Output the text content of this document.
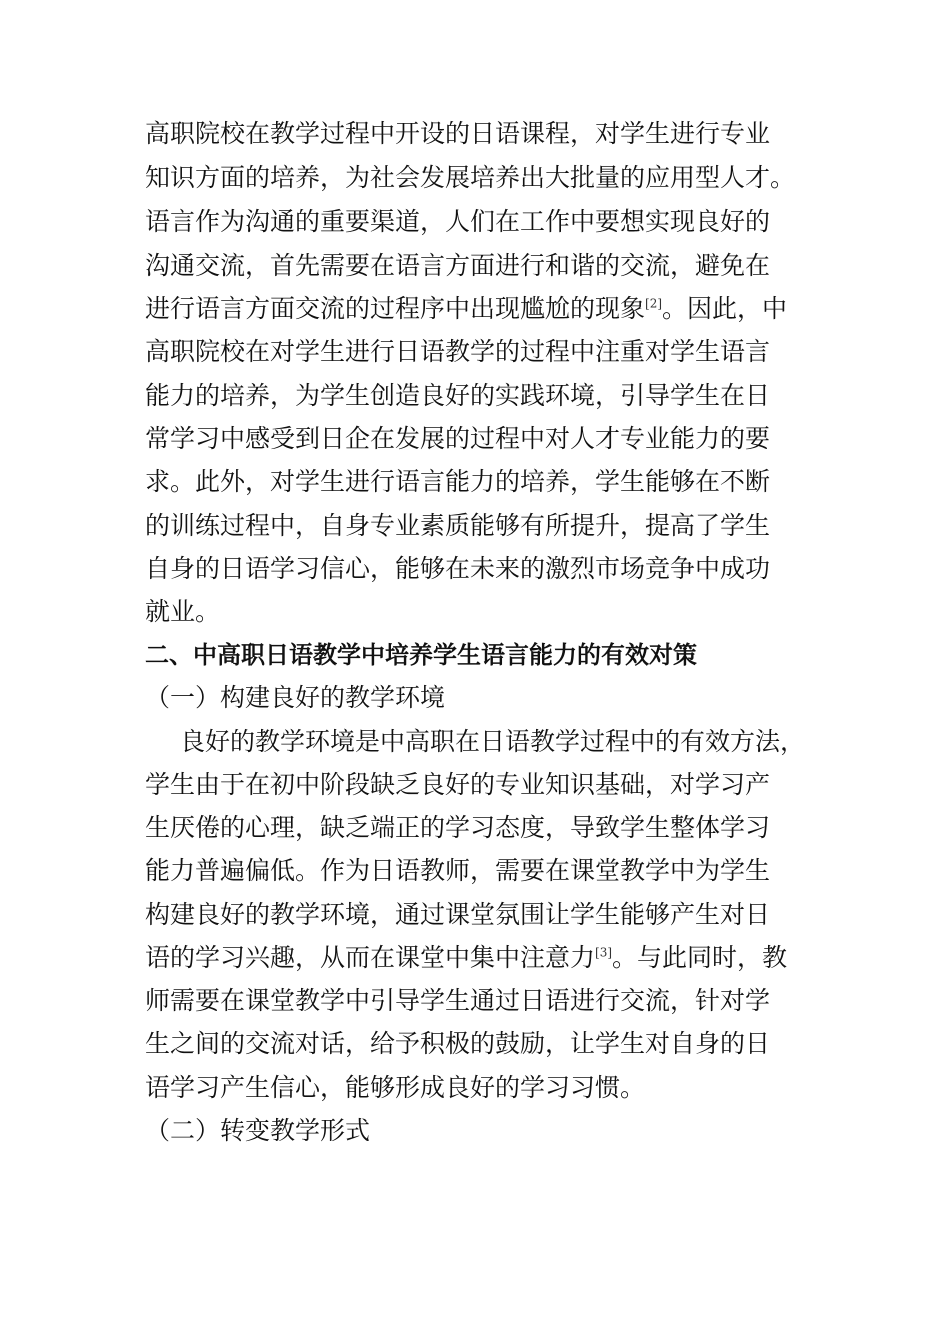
高职院校在教学过程中开设的日语课程，对学生进行专业
知识方面的培养，为社会发展培养出大批量的应用型人才。
语言作为沟通的重要渠道，人们在工作中要想实现良好的
沟通交流，首先需要在语言方面进行和谐的交流，避免在
进行语言方面交流的过程序中出现尴尬的现象[2]。因此，中
高职院校在对学生进行日语教学的过程中注重对学生语言
能力的培养，为学生创造良好的实践环境，引导学生在日
常学习中感受到日企在发展的过程中对人才专业能力的要
求。此外，对学生进行语言能力的培养，学生能够在不断
的训练过程中，自身专业素质能够有所提升，提高了学生
自身的日语学习信心，能够在未来的激烈市场竞争中成功
就业。
二、中高职日语教学中培养学生语言能力的有效对策
（一）构建良好的教学环境
良好的教学环境是中高职在日语教学过程中的有效方法，
学生由于在初中阶段缺乏良好的专业知识基础，对学习产
生厌倦的心理，缺乏端正的学习态度，导致学生整体学习
能力普遍偏低。作为日语教师，需要在课堂教学中为学生
构建良好的教学环境，通过课堂氛围让学生能够产生对日
语的学习兴趣，从而在课堂中集中注意力[3]。与此同时，教
师需要在课堂教学中引导学生通过日语进行交流，针对学
生之间的交流对话，给予积极的鼓励，让学生对自身的日
语学习产生信心，能够形成良好的学习习惯。
（二）转变教学形式
